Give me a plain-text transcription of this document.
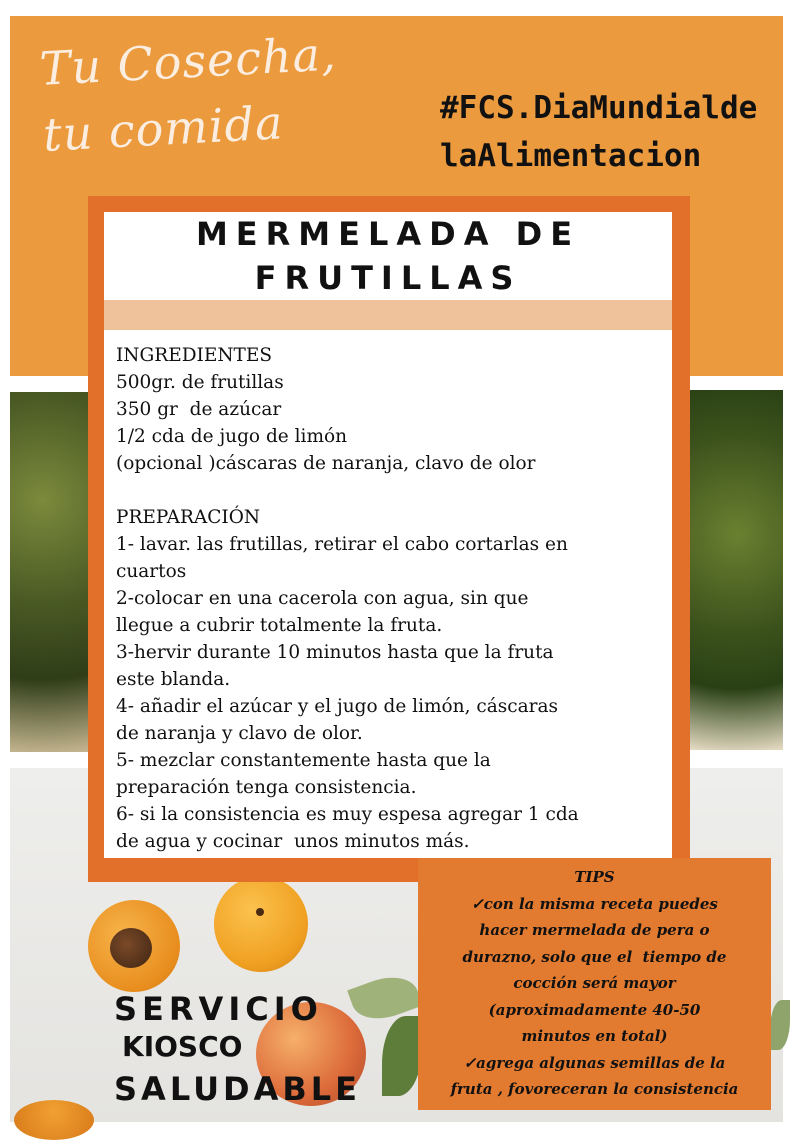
Tu Cosecha, tu comida	#FCS.DiaMundialdelaAlimentacion
MERMELADA DE
FRUTILLAS
INGREDIENTES
500gr. de frutillas
350 gr  de azúcar
1/2 cda de jugo de limón
(opcional )cáscaras de naranja, clavo de olor
PREPARACIÓN
1- lavar. las frutillas, retirar el cabo cortarlas en
cuartos
2-colocar en una cacerola con agua, sin que
llegue a cubrir totalmente la fruta.
3-hervir durante 10 minutos hasta que la fruta
este blanda.
4- añadir el azúcar y el jugo de limón, cáscaras
de naranja y clavo de olor.
5- mezclar constantemente hasta que la
preparación tenga consistencia.
6- si la consistencia es muy espesa agregar 1 cda
de agua y cocinar  unos minutos más.
TIPS
✓con la misma receta puedes
hacer mermelada de pera o
durazno, solo que el  tiempo de
cocción será mayor
(aproximadamente 40-50
minutos en total)
✓agrega algunas semillas de la
fruta , fovoreceran la consistencia
SERVICIO
KIOSCO
SALUDABLE
